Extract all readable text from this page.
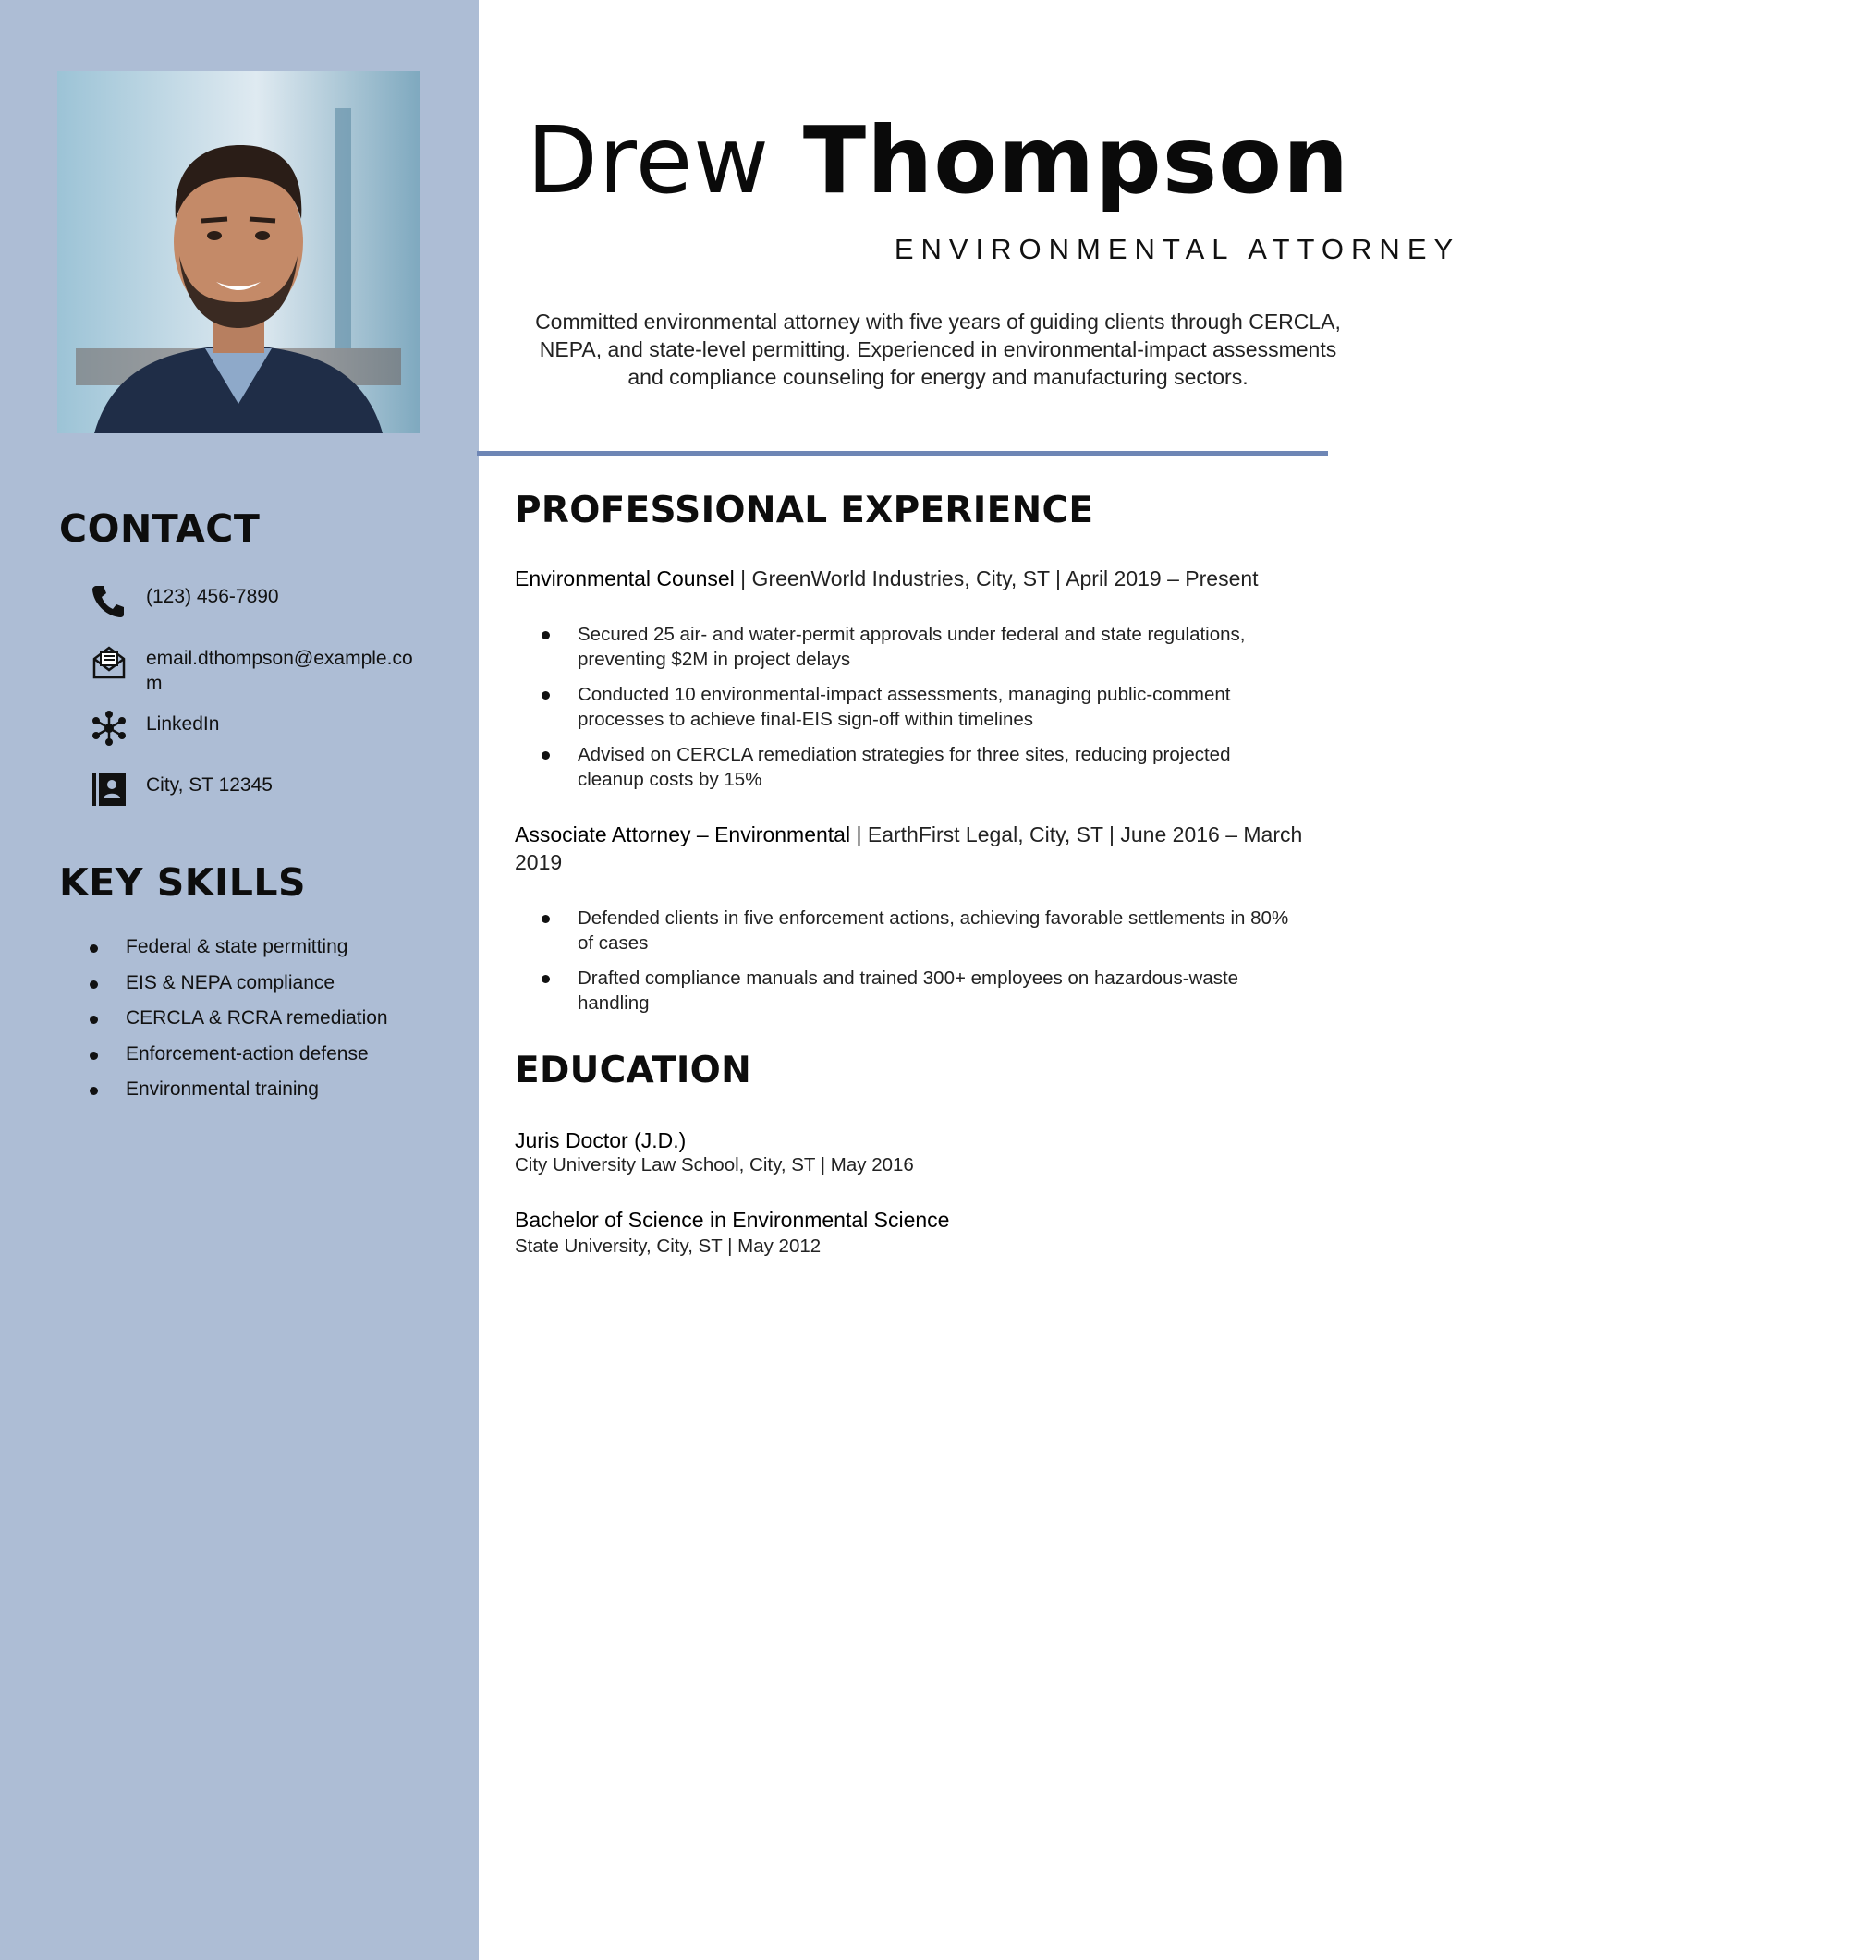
CONTACT
(123) 456-7890
email.dthompson@example.com
LinkedIn
City, ST 12345
KEY SKILLS
Federal & state permitting
EIS & NEPA compliance
CERCLA & RCRA remediation
Enforcement-action defense
Environmental training
Drew Thompson
ENVIRONMENTAL ATTORNEY

Committed environmental attorney with five years of guiding clients through CERCLA, NEPA, and state-level permitting. Experienced in environmental-impact assessments and compliance counseling for energy and manufacturing sectors.

PROFESSIONAL EXPERIENCE

Environmental Counsel | GreenWorld Industries, City, ST | April 2019 – Present

Secured 25 air- and water-permit approvals under federal and state regulations, preventing $2M in project delays
Conducted 10 environmental-impact assessments, managing public-comment processes to achieve final-EIS sign-off within timelines
Advised on CERCLA remediation strategies for three sites, reducing projected cleanup costs by 15%

Associate Attorney – Environmental | EarthFirst Legal, City, ST | June 2016 – March 2019

Defended clients in five enforcement actions, achieving favorable settlements in 80% of cases
Drafted compliance manuals and trained 300+ employees on hazardous-waste handling
EDUCATION

Juris Doctor (J.D.)

City University Law School, City, ST | May 2016

Bachelor of Science in Environmental Science

State University, City, ST | May 2012
